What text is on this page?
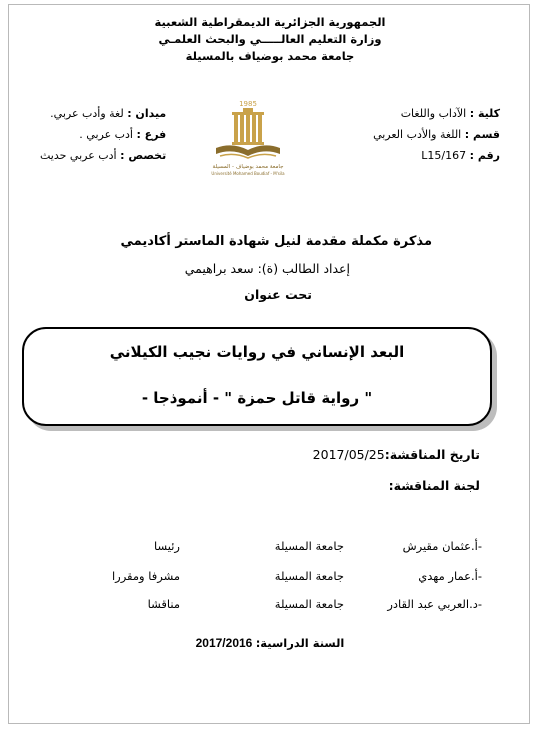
الجمهورية الجزائرية الديمقراطية الشعبية
وزارة التعليم العالـــــي والبحث العلمـي
جامعة محمد بوضياف بالمسيلة
كلية : الآداب واللغات
قسم : اللغة والأدب العربي
رقم : L15/167
ميدان : لغة وأدب عربي.
فرع : أدب عربي .
تخصص : أدب عربي حديث
1985
جامعة محمد بوضياف - المسيلة
Université Mohamed Boudiaf - M'sila
مذكرة مكملة مقدمة لنيل شهادة الماستر أكاديمي
إعداد الطالب (ة): سعد براهيمي
تحت عنوان
البعد الإنساني في روايات نجيب الكيلاني
" رواية قاتل حمزة " - أنموذجا -
تاريخ المناقشة:2017/05/25
لجنة المناقشة:
-أ.عثمان مقيرش
جامعة المسيلة
رئيسا
-أ.عمار مهدي
جامعة المسيلة
مشرفا ومقررا
-د.العربي عبد القادر
جامعة المسيلة
مناقشا
السنة الدراسية: 2017/2016
